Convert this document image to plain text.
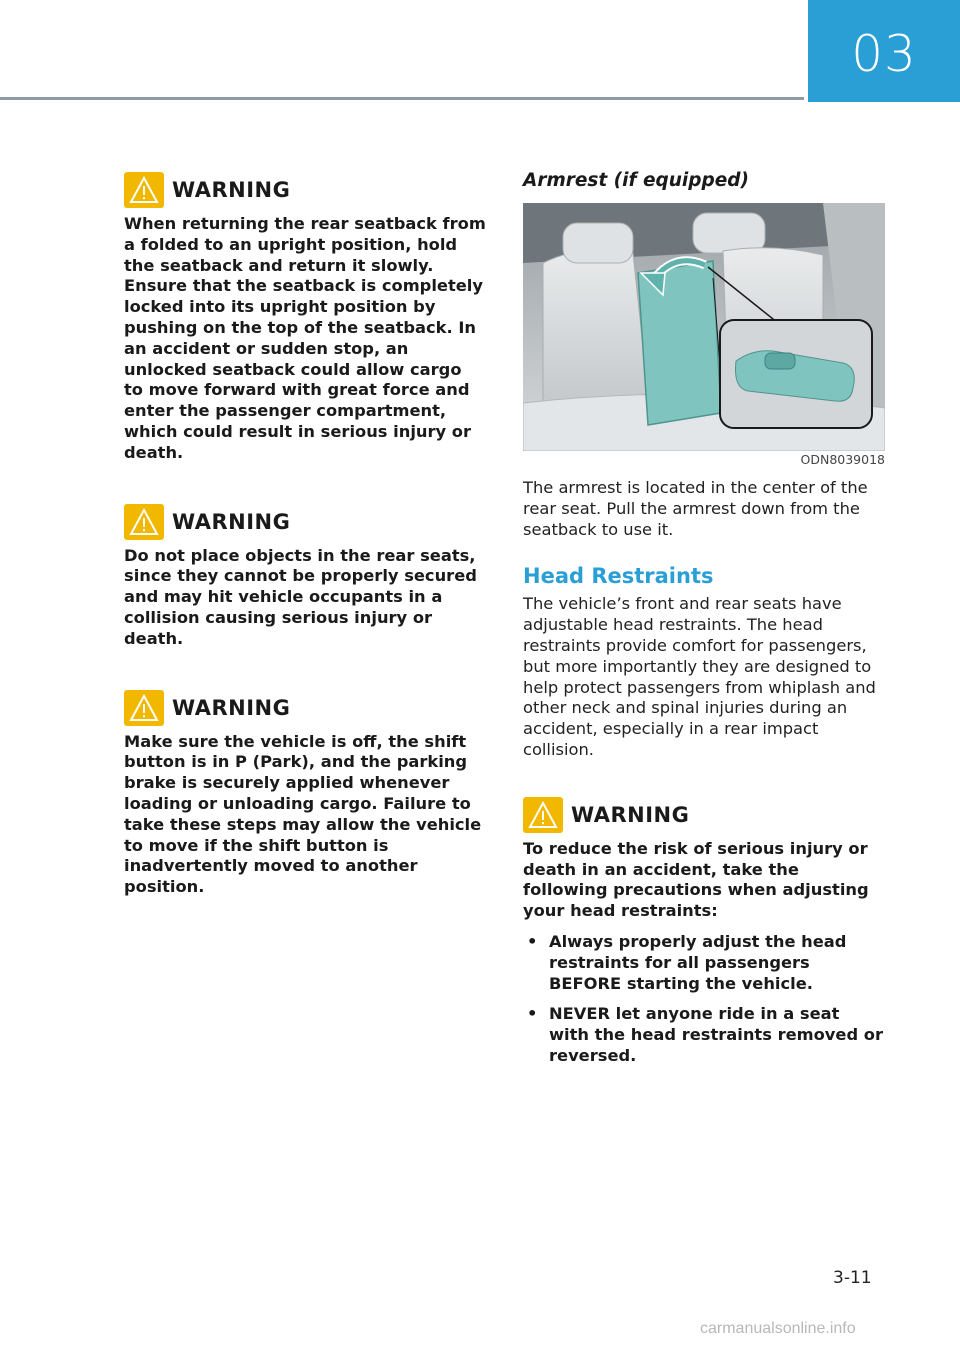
03
WARNING

When returning the rear seatback from a folded to an upright position, hold the seatback and return it slowly. Ensure that the seatback is completely locked into its upright position by pushing on the top of the seatback. In an accident or sudden stop, an unlocked seatback could allow cargo to move forward with great force and enter the passenger compartment, which could result in serious injury or death.

WARNING

Do not place objects in the rear seats, since they cannot be properly secured and may hit vehicle occupants in a collision causing serious injury or death.

WARNING

Make sure the vehicle is off, the shift button is in P (Park), and the parking brake is securely applied whenever loading or unloading cargo. Failure to take these steps may allow the vehicle to move if the shift button is inadvertently moved to another position.

Armrest (if equipped)

ODN8039018

The armrest is located in the center of the rear seat. Pull the armrest down from the seatback to use it.

Head Restraints

The vehicle’s front and rear seats have adjustable head restraints. The head restraints provide comfort for passengers, but more importantly they are designed to help protect passengers from whiplash and other neck and spinal injuries during an accident, especially in a rear impact collision.

WARNING

To reduce the risk of serious injury or death in an accident, take the following precautions when adjusting your head restraints:

• Always properly adjust the head restraints for all passengers BEFORE starting the vehicle.
• NEVER let anyone ride in a seat with the head restraints removed or reversed.
3-11
carmanualsonline.info
